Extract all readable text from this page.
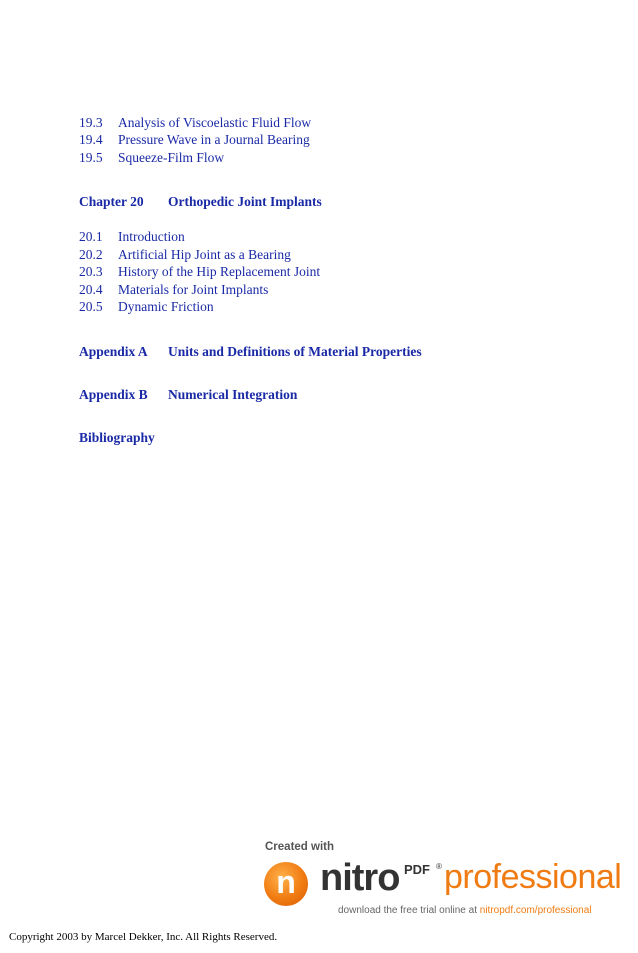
19.3 Analysis of Viscoelastic Fluid Flow
19.4 Pressure Wave in a Journal Bearing
19.5 Squeeze-Film Flow
Chapter 20 Orthopedic Joint Implants
20.1 Introduction
20.2 Artificial Hip Joint as a Bearing
20.3 History of the Hip Replacement Joint
20.4 Materials for Joint Implants
20.5 Dynamic Friction
Appendix A Units and Definitions of Material Properties
Appendix B Numerical Integration
Bibliography
Created with
n nitro PDF ® professional
download the free trial online at nitropdf.com/professional
Copyright 2003 by Marcel Dekker, Inc. All Rights Reserved.
